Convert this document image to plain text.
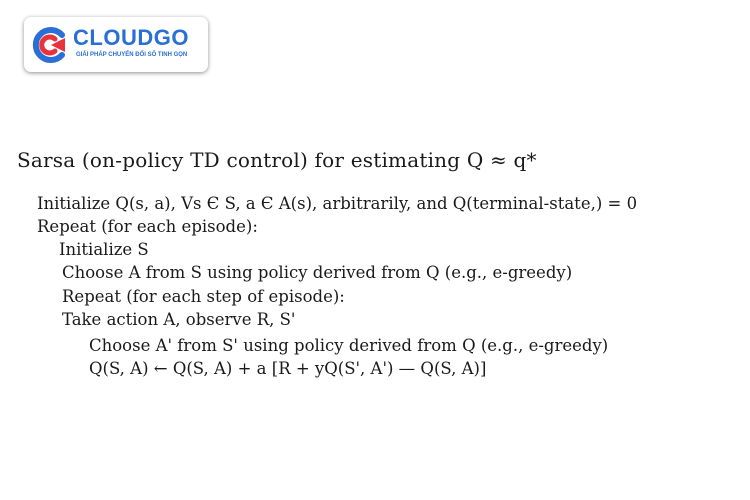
CLOUDGO
GIẢI PHÁP CHUYỂN ĐỔI SỐ TINH GỌN
Sarsa (on-policy TD control) for estimating Q ≈ q*
Initialize Q(s, a), Vs Є S, a Є A(s), arbitrarily, and Q(terminal-state,) = 0
Repeat (for each episode):
Initialize S
Choose A from S using policy derived from Q (e.g., e-greedy)
Repeat (for each step of episode):
Take action A, observe R, S'
Choose A' from S' using policy derived from Q (e.g., e-greedy)
Q(S, A) ← Q(S, A) + a [R + yQ(S', A') — Q(S, A)]
